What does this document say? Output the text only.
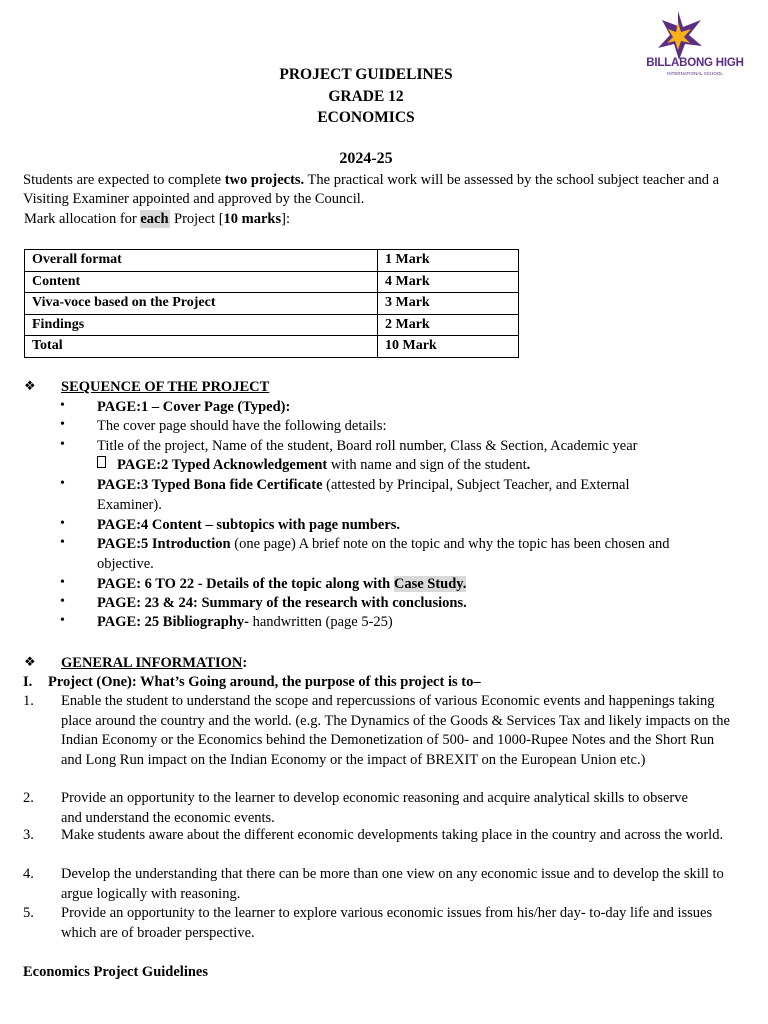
BILLABONG HIGH
INTERNATIONAL SCHOOL
PROJECT GUIDELINES
GRADE 12
ECONOMICS
2024-25

Students are expected to complete two projects. The practical work will be assessed by the school subject teacher and a Visiting Examiner appointed and approved by the Council.

Mark allocation for each Project [10 marks]:

Overall format	1 Mark
Content	4 Mark
Viva-voce based on the Project	3 Mark
Findings	2 Mark
Total	10 Mark
❖ SEQUENCE OF THE PROJECT
• PAGE:1 – Cover Page (Typed):

• The cover page should have the following details:

• Title of the project, Name of the student, Board roll number, Class & Section, Academic year

PAGE:2 Typed Acknowledgement with name and sign of the student.

• PAGE:3 Typed Bona fide Certificate (attested by Principal, Subject Teacher, and External Examiner).

• PAGE:4 Content – subtopics with page numbers.

• PAGE:5 Introduction (one page) A brief note on the topic and why the topic has been chosen and objective.

• PAGE: 6 TO 22 - Details of the topic along with Case Study.

• PAGE: 23 & 24: Summary of the research with conclusions.

• PAGE: 25 Bibliography- handwritten (page 5-25)

❖ GENERAL INFORMATION:
I. Project (One): What’s Going around, the purpose of this project is to–
1. Enable the student to understand the scope and repercussions of various Economic events and happenings taking place around the country and the world. (e.g. The Dynamics of the Goods & Services Tax and likely impacts on the Indian Economy or the Economics behind the Demonetization of 500- and 1000-Rupee Notes and the Short Run and Long Run impact on the Indian Economy or the impact of BREXIT on the European Union etc.)

2. Provide an opportunity to the learner to develop economic reasoning and acquire analytical skills to observe and understand the economic events.

3. Make students aware about the different economic developments taking place in the country and across the world.

4. Develop the understanding that there can be more than one view on any economic issue and to develop the skill to argue logically with reasoning.

5. Provide an opportunity to the learner to explore various economic issues from his/her day- to-day life and issues which are of broader perspective.

Economics Project Guidelines
